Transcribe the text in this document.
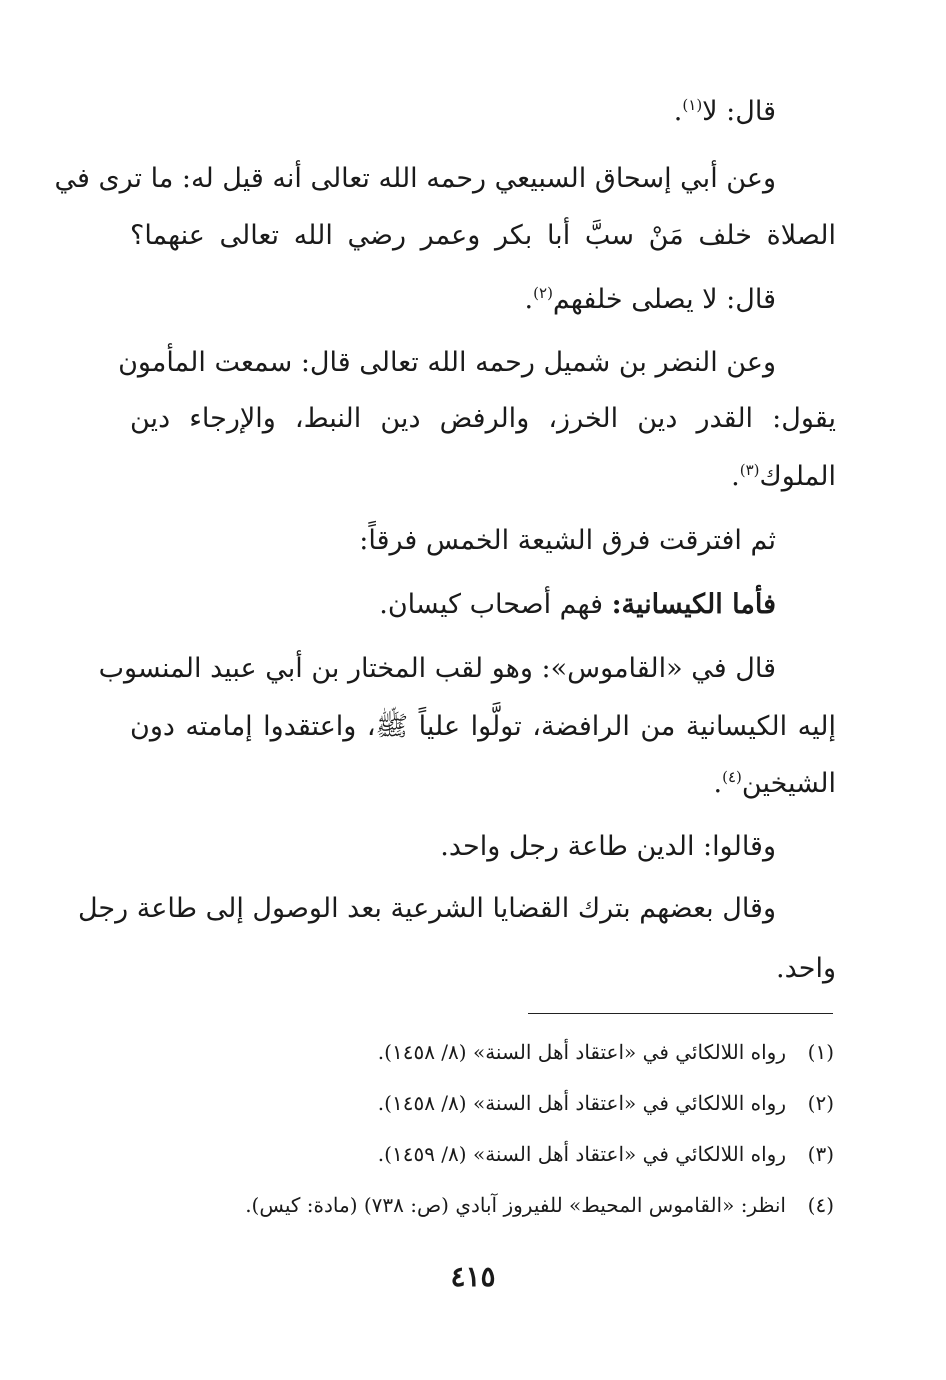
قال: لا$^{(١)}$.
وعن أبي إسحاق السبيعي رحمه الله تعالى أنه قيل له: ما ترى في
الصلاة خلف مَنْ سبَّ أبا بكر وعمر رضي الله تعالى عنهما؟
قال: لا يصلى خلفهم$^{(٢)}$.
وعن النضر بن شميل رحمه الله تعالى قال: سمعت المأمون
يقول: القدر دين الخرز، والرفض دين النبط، والإرجاء دين
الملوك$^{(٣)}$.
ثم افترقت فرق الشيعة الخمس فرقاً:
فأما الكيسانية: فهم أصحاب كيسان.
قال في «القاموس»: وهو لقب المختار بن أبي عبيد المنسوب
إليه الكيسانية من الرافضة، تولَّوا علياً ﷺ، واعتقدوا إمامته دون
الشيخين$^{(٤)}$.
وقالوا: الدين طاعة رجل واحد.
وقال بعضهم بترك القضايا الشرعية بعد الوصول إلى طاعة رجل
واحد.
(١)رواه اللالكائي في «اعتقاد أهل السنة» (٨/ ١٤٥٨).
(٢)رواه اللالكائي في «اعتقاد أهل السنة» (٨/ ١٤٥٨).
(٣)رواه اللالكائي في «اعتقاد أهل السنة» (٨/ ١٤٥٩).
(٤)انظر: «القاموس المحيط» للفيروز آبادي (ص: ٧٣٨) (مادة: كيس).
٤١٥
